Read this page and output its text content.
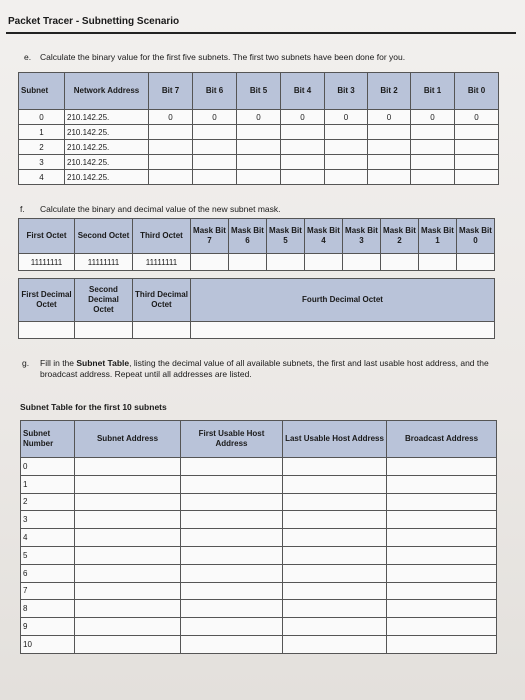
Packet Tracer - Subnetting Scenario
e. Calculate the binary value for the first five subnets. The first two subnets have been done for you.
Subnet	Network Address	Bit 7	Bit 6	Bit 5	Bit 4	Bit 3	Bit 2	Bit 1	Bit 0
0	210.142.25.	0	0	0	0	0	0	0	0
1	210.142.25.								
2	210.142.25.								
3	210.142.25.								
4	210.142.25.								
f. Calculate the binary and decimal value of the new subnet mask.
First Octet	Second Octet	Third Octet	Mask Bit 7	Mask Bit 6	Mask Bit 5	Mask Bit 4	Mask Bit 3	Mask Bit 2	Mask Bit 1	Mask Bit 0
11111111	11111111	11111111								
First Decimal Octet	Second Decimal Octet	Third Decimal Octet	Fourth Decimal Octet

g. Fill in the Subnet Table, listing the decimal value of all available subnets, the first and last usable host address, and the broadcast address. Repeat until all addresses are listed.
Subnet Table for the first 10 subnets
Subnet Number	Subnet Address	First Usable Host Address	Last Usable Host Address	Broadcast Address
0				
1				
2				
3				
4				
5				
6				
7				
8				
9				
10				
